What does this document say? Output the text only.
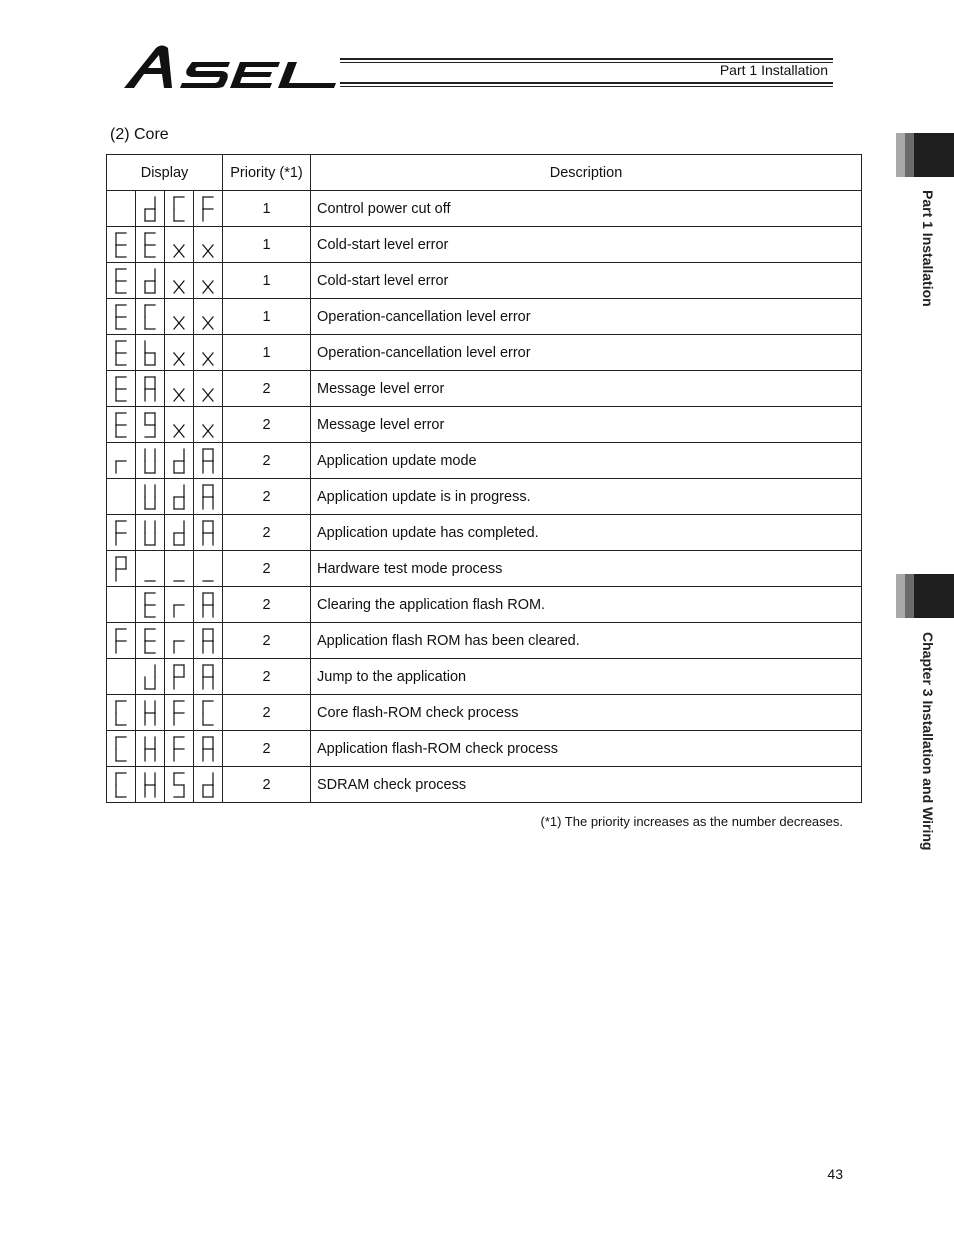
Part 1 Installation
Part 1 Installation
Chapter 3 Installation and Wiring
(2) Core
Display				Priority (*1)	Description

	1	Control power cut off

	1	Cold-start level error

	1	Cold-start level error

	1	Operation-cancellation level error

	1	Operation-cancellation level error

	2	Message level error

	2	Message level error

	2	Application update mode

	2	Application update is in progress.

	2	Application update has completed.

	2	Hardware test mode process

	2	Clearing the application flash ROM.

	2	Application flash ROM has been cleared.

	2	Jump to the application

	2	Core flash-ROM check process

	2	Application flash-ROM check process

	2	SDRAM check process
(*1) The priority increases as the number decreases.
43
